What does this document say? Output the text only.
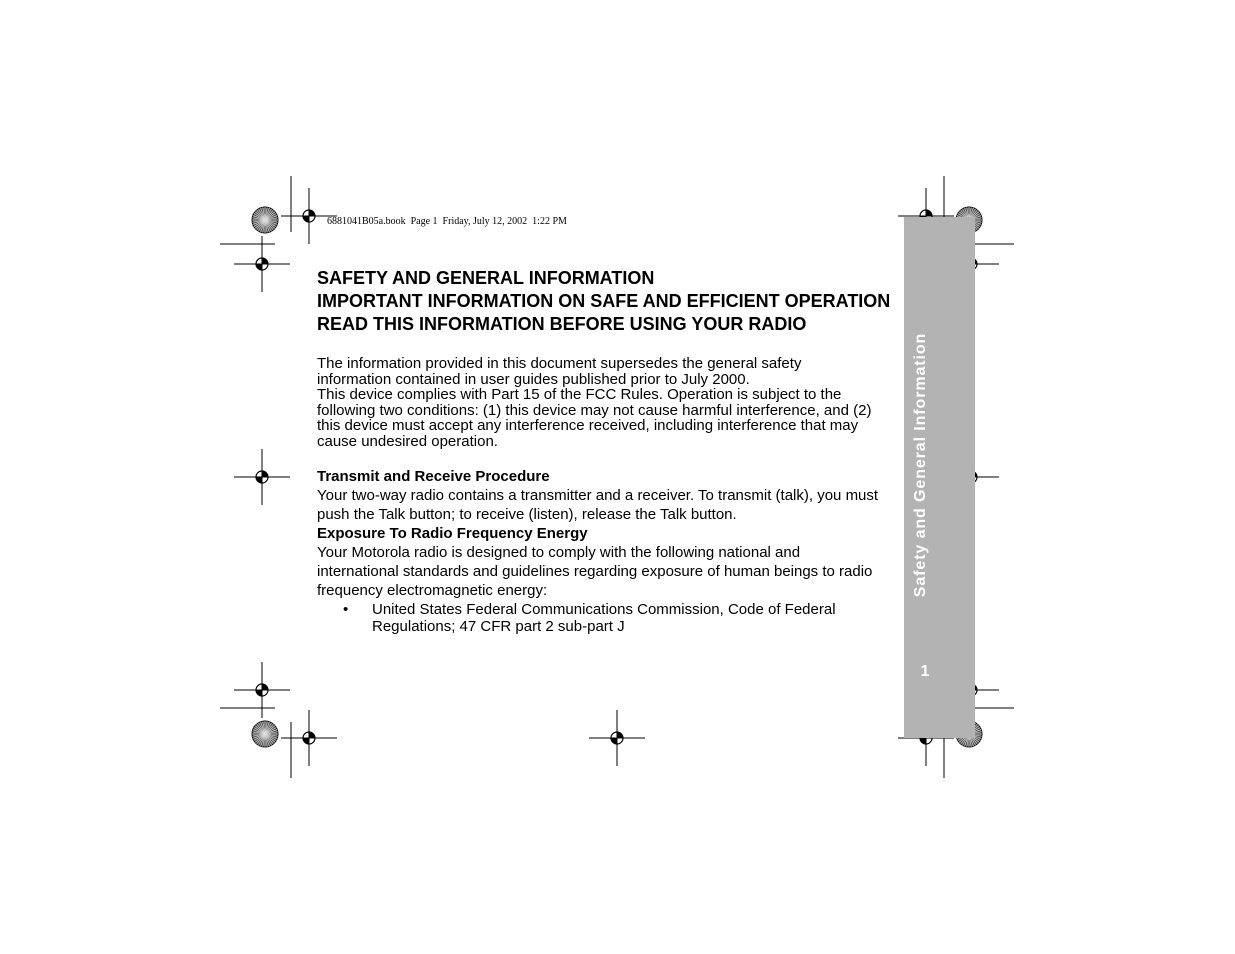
6881041B05a.book  Page 1  Friday, July 12, 2002  1:22 PM
Safety and General Information
1
SAFETY AND GENERAL INFORMATION
IMPORTANT INFORMATION ON SAFE AND EFFICIENT OPERATION
READ THIS INFORMATION BEFORE USING YOUR RADIO
The information provided in this document supersedes the general safety
information contained in user guides published prior to July 2000.
This device complies with Part 15 of the FCC Rules. Operation is subject to the
following two conditions: (1) this device may not cause harmful interference, and (2)
this device must accept any interference received, including interference that may
cause undesired operation.
Transmit and Receive Procedure
Your two-way radio contains a transmitter and a receiver. To transmit (talk), you must
push the Talk button; to receive (listen), release the Talk button.
Exposure To Radio Frequency Energy
Your Motorola radio is designed to comply with the following national and
international standards and guidelines regarding exposure of human beings to radio
frequency electromagnetic energy:
• United States Federal Communications Commission, Code of Federal
Regulations; 47 CFR part 2 sub-part J
